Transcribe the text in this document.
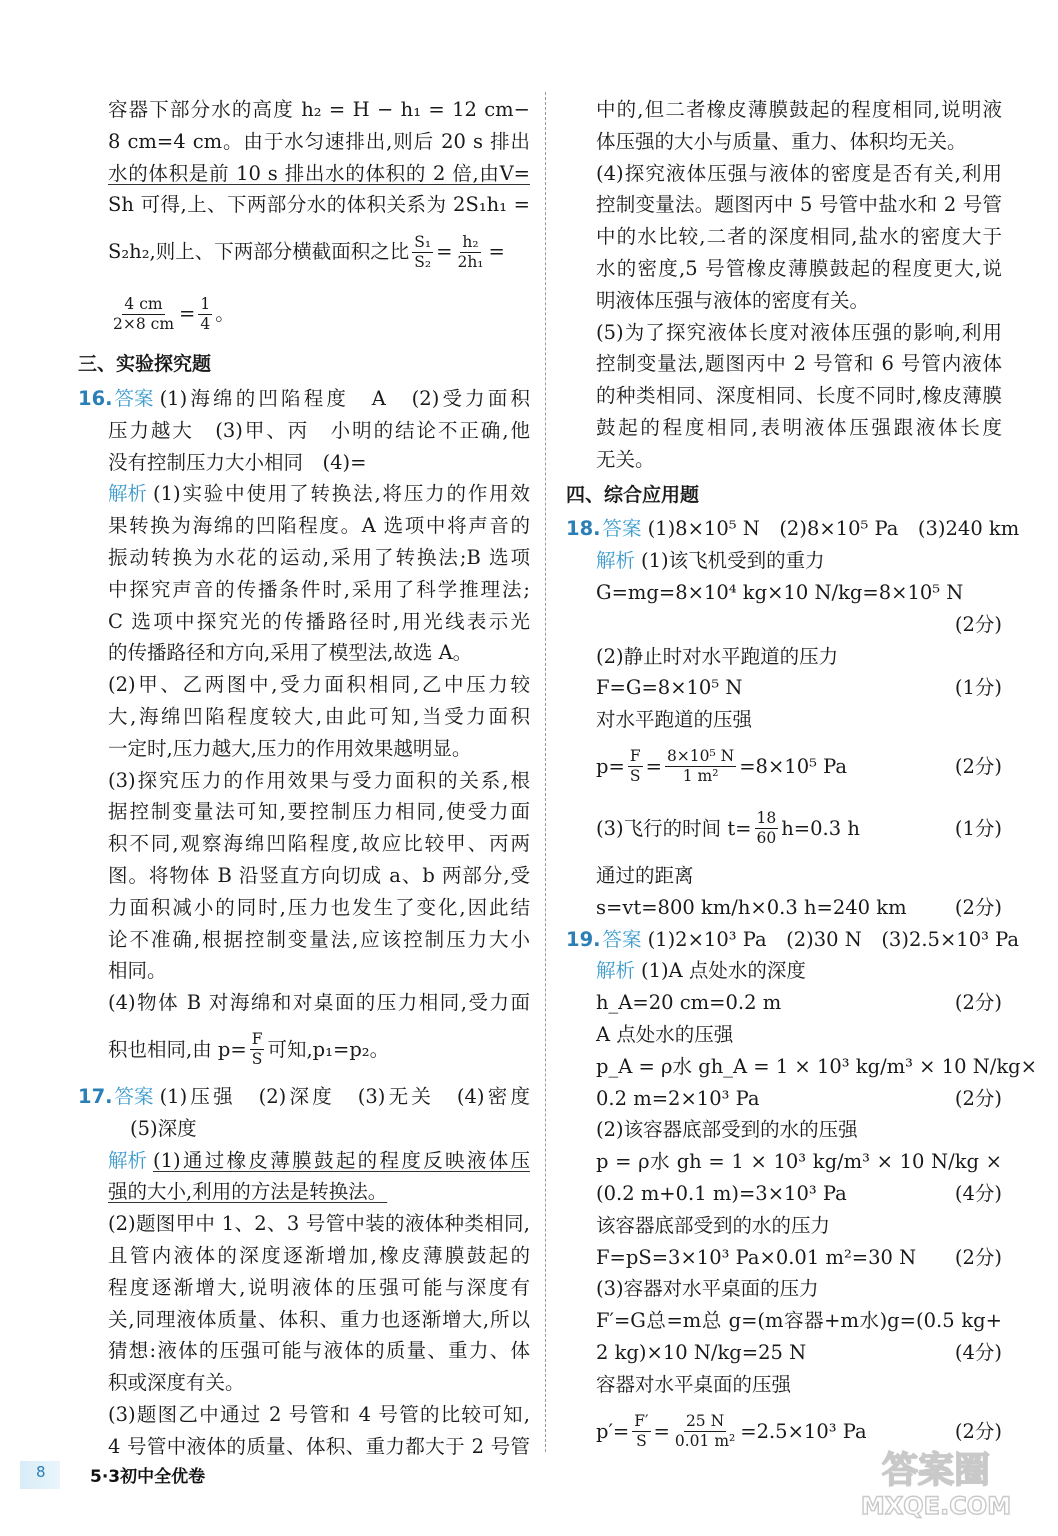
容器下部分水的高度 h₂ = H − h₁ = 12 cm−
8 cm=4 cm。由于水匀速排出,则后 20 s 排出
水的体积是前 10 s 排出水的体积的 2 倍,由V=
Sh 可得,上、下两部分水的体积关系为 2S₁h₁ =
S₂h₂,则上、下两部分横截面积之比 $\frac{\text{S₁}}{\text{S₂}} = \frac{\text{h₂}}{\text{2h₁}}$ =
$\frac{4 cm}{2\times 8 cm} = \frac{1}{4}$ 。
三、实验探究题
16. 答案 (1)海绵的凹陷程度　A　(2)受力面积
压力越大　(3)甲、丙　小明的结论不正确,他
没有控制压力大小相同　(4)=
解析 (1)实验中使用了转换法,将压力的作用效
果转换为海绵的凹陷程度。A 选项中将声音的
振动转换为水花的运动,采用了转换法;B 选项
中探究声音的传播条件时,采用了科学推理法;
C 选项中探究光的传播路径时,用光线表示光
的传播路径和方向,采用了模型法,故选 A。
(2)甲、乙两图中,受力面积相同,乙中压力较
大,海绵凹陷程度较大,由此可知,当受力面积
一定时,压力越大,压力的作用效果越明显。
(3)探究压力的作用效果与受力面积的关系,根
据控制变量法可知,要控制压力相同,使受力面
积不同,观察海绵凹陷程度,故应比较甲、丙两
图。将物体 B 沿竖直方向切成 a、b 两部分,受
力面积减小的同时,压力也发生了变化,因此结
论不准确,根据控制变量法,应该控制压力大小
相同。
(4)物体 B 对海绵和对桌面的压力相同,受力面
积也相同,由 $p= \frac{F}{S}$ 可知,p₁=p₂。
17. 答案 (1)压强　(2)深度　(3)无关　(4)密度
(5)深度
解析 (1)通过橡皮薄膜鼓起的程度反映液体压
强的大小,利用的方法是转换法。
(2)题图甲中 1、2、3 号管中装的液体种类相同,
且管内液体的深度逐渐增加,橡皮薄膜鼓起的
程度逐渐增大,说明液体的压强可能与深度有
关,同理液体质量、体积、重力也逐渐增大,所以
猜想:液体的压强可能与液体的质量、重力、体
积或深度有关。
(3)题图乙中通过 2 号管和 4 号管的比较可知,
4 号管中液体的质量、体积、重力都大于 2 号管
中的,但二者橡皮薄膜鼓起的程度相同,说明液
体压强的大小与质量、重力、体积均无关。
(4)探究液体压强与液体的密度是否有关,利用
控制变量法。题图丙中 5 号管中盐水和 2 号管
中的水比较,二者的深度相同,盐水的密度大于
水的密度,5 号管橡皮薄膜鼓起的程度更大,说
明液体压强与液体的密度有关。
(5)为了探究液体长度对液体压强的影响,利用
控制变量法,题图丙中 2 号管和 6 号管内液体
的种类相同、深度相同、长度不同时,橡皮薄膜
鼓起的程度相同,表明液体压强跟液体长度
无关。
四、综合应用题
18. 答案 (1)8×10⁵ N　(2)8×10⁵ Pa　(3)240 km
解析 (1)该飞机受到的重力
G=mg=8×10⁴ kg×10 N/kg=8×10⁵ N
(2分)
(2)静止时对水平跑道的压力
F=G=8×10⁵ N	(1分)
对水平跑道的压强
$p= \frac{F}{S} = \frac{\text{8×10⁵ N}}{\text{1 m²}} =8\times 10^5$ Pa	(2分)
(3)飞行的时间 $t= \frac{18}{60} h=0.3$ h	(1分)
通过的距离
s=vt=800 km/h×0.3 h=240 km	(2分)
19. 答案 (1)2×10³ Pa　(2)30 N　(3)2.5×10³ Pa
解析 (1)A 点处水的深度
h_A=20 cm=0.2 m	(2分)
A 点处水的压强
p_A = ρ水 gh_A = 1 × 10³ kg/m³ × 10 N/kg×
0.2 m=2×10³ Pa	(2分)
(2)该容器底部受到的水的压强
p = ρ水 gh = 1 × 10³ kg/m³ × 10 N/kg ×
(0.2 m+0.1 m)=3×10³ Pa	(4分)
该容器底部受到的水的压力
F=pS=3×10³ Pa×0.01 m²=30 N	(2分)
(3)容器对水平桌面的压力
F′=G总=m总 g=(m容器+m水)g=(0.5 kg+
2 kg)×10 N/kg=25 N	(4分)
容器对水平桌面的压强
$p'= \frac{F'}{S} = \frac{25 N}{\text{0.01 m²}} =2.5\times 10^3$ Pa	(2分)
8	5·3初中全优卷	答案圈
MXQE.COM
